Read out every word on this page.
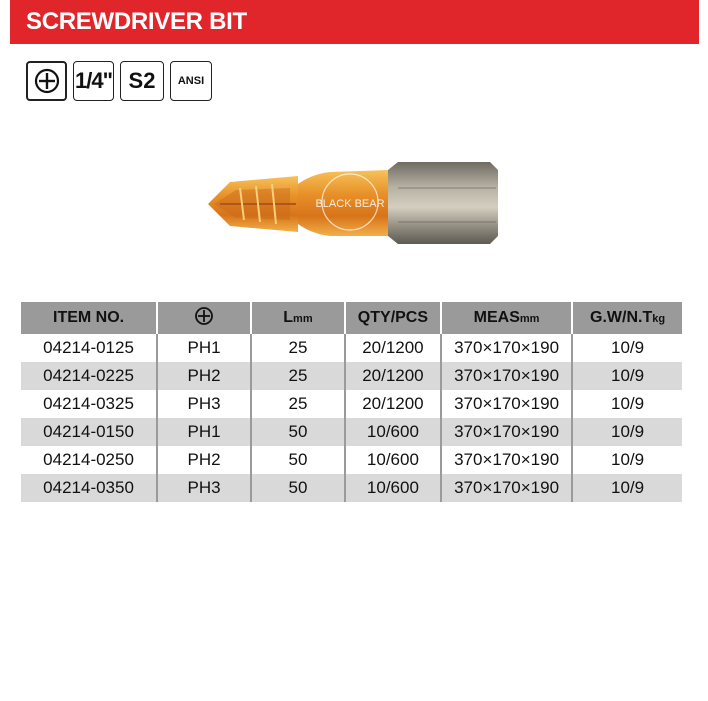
SCREWDRIVER BIT
1/4" S2	ANSI
BLACK BEAR
ITEM NO.		Lmm	QTY/PCS	MEASmm	G.W/N.Tkg
04214-0125	PH1	25	20/1200	370×170×190	10/9
04214-0225	PH2	25	20/1200	370×170×190	10/9
04214-0325	PH3	25	20/1200	370×170×190	10/9
04214-0150	PH1	50	10/600	370×170×190	10/9
04214-0250	PH2	50	10/600	370×170×190	10/9
04214-0350	PH3	50	10/600	370×170×190	10/9
